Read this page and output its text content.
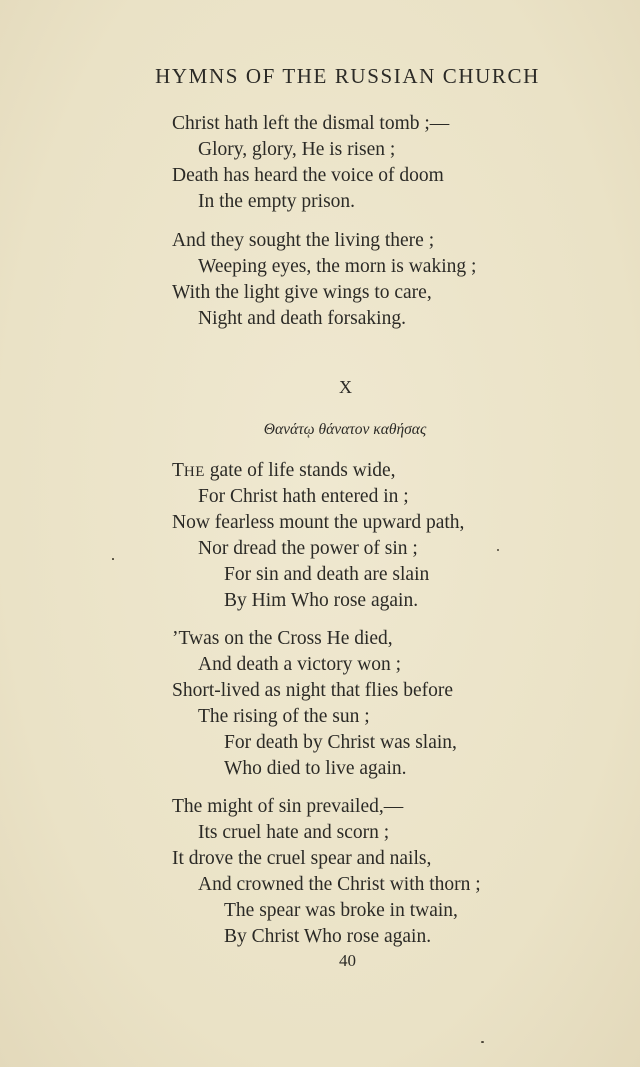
HYMNS OF THE RUSSIAN CHURCH
Christ hath left the dismal tomb ;—
Glory, glory, He is risen ;
Death has heard the voice of doom
In the empty prison.
And they sought the living there ;
Weeping eyes, the morn is waking ;
With the light give wings to care,
Night and death forsaking.
X
Θανάτῳ θάνατον καθήσας
THE gate of life stands wide,
For Christ hath entered in ;
Now fearless mount the upward path,
Nor dread the power of sin ;
For sin and death are slain
By Him Who rose again.
’Twas on the Cross He died,
And death a victory won ;
Short-lived as night that flies before
The rising of the sun ;
For death by Christ was slain,
Who died to live again.
The might of sin prevailed,—
Its cruel hate and scorn ;
It drove the cruel spear and nails,
And crowned the Christ with thorn ;
The spear was broke in twain,
By Christ Who rose again.
40
